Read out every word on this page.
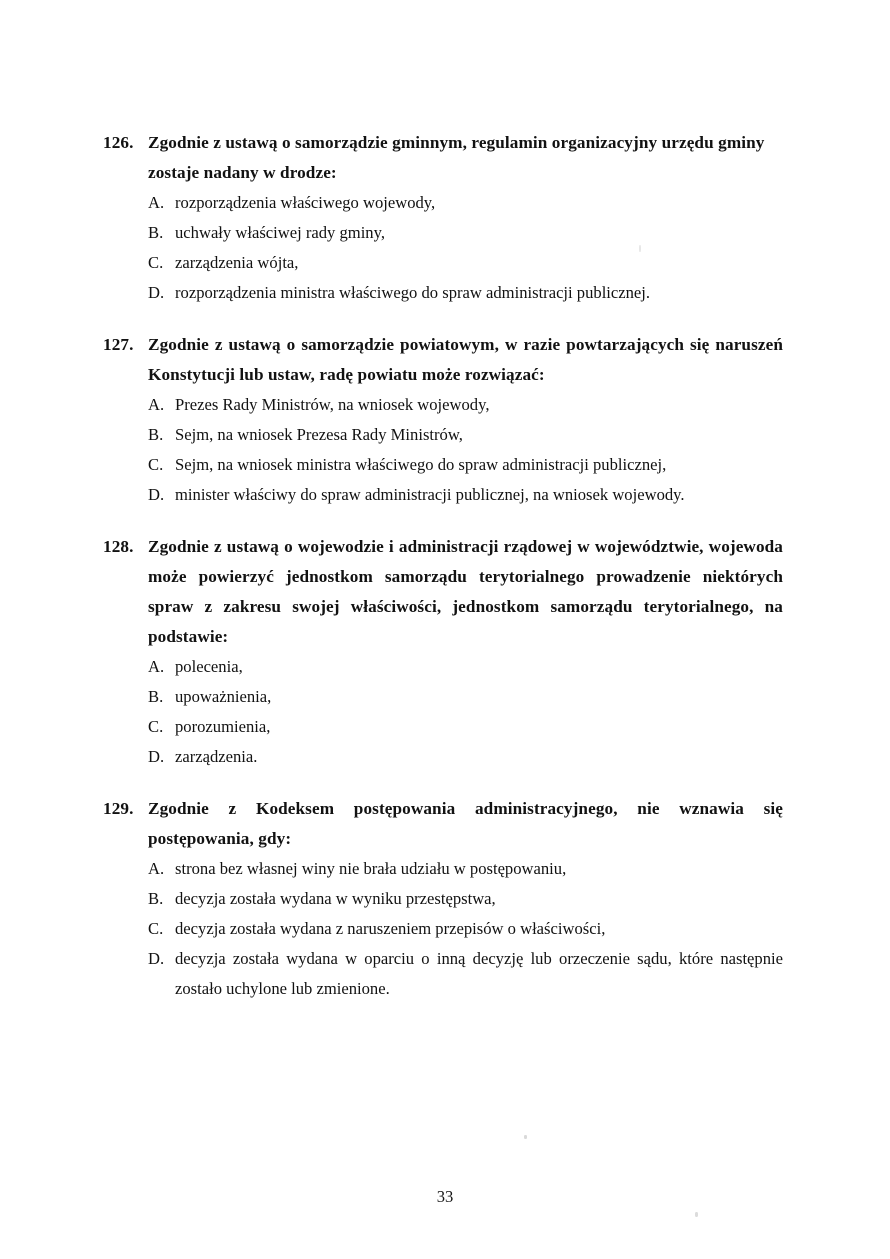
126. Zgodnie z ustawą o samorządzie gminnym, regulamin organizacyjny urzędu gminy zostaje nadany w drodze:
A. rozporządzenia właściwego wojewody,
B. uchwały właściwej rady gminy,
C. zarządzenia wójta,
D. rozporządzenia ministra właściwego do spraw administracji publicznej.
127. Zgodnie z ustawą o samorządzie powiatowym, w razie powtarzających się naruszeń Konstytucji lub ustaw, radę powiatu może rozwiązać:
A. Prezes Rady Ministrów, na wniosek wojewody,
B. Sejm, na wniosek Prezesa Rady Ministrów,
C. Sejm, na wniosek ministra właściwego do spraw administracji publicznej,
D. minister właściwy do spraw administracji publicznej, na wniosek wojewody.
128. Zgodnie z ustawą o wojewodzie i administracji rządowej w województwie, wojewoda może powierzyć jednostkom samorządu terytorialnego prowadzenie niektórych spraw z zakresu swojej właściwości, jednostkom samorządu terytorialnego, na podstawie:
A. polecenia,
B. upoważnienia,
C. porozumienia,
D. zarządzenia.
129. Zgodnie z Kodeksem postępowania administracyjnego, nie wznawia się postępowania, gdy:
A. strona bez własnej winy nie brała udziału w postępowaniu,
B. decyzja została wydana w wyniku przestępstwa,
C. decyzja została wydana z naruszeniem przepisów o właściwości,
D. decyzja została wydana w oparciu o inną decyzję lub orzeczenie sądu, które następnie zostało uchylone lub zmienione.
33
